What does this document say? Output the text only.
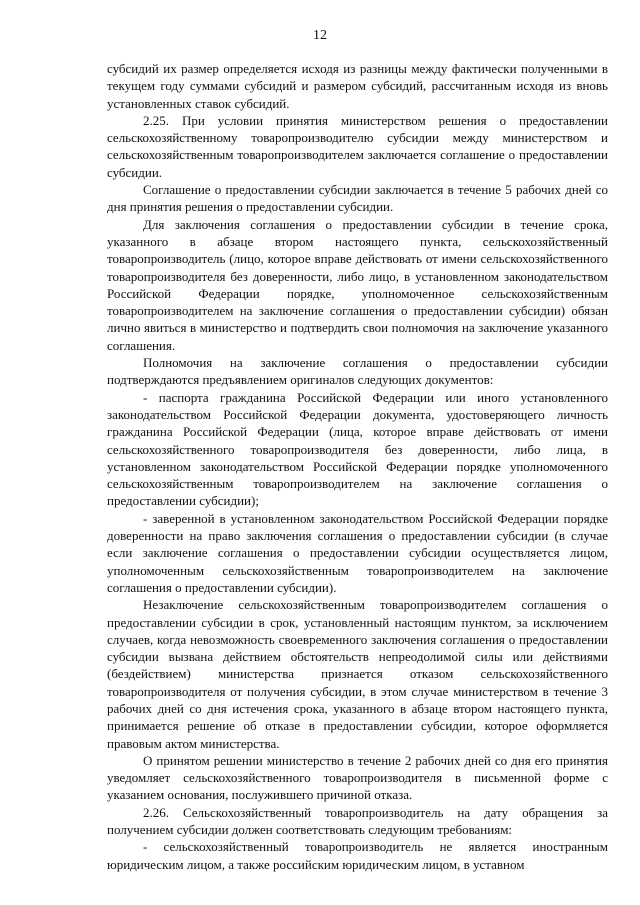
12

субсидий их размер определяется исходя из разницы между фактически полученными в текущем году суммами субсидий и размером субсидий, рассчитанным исходя из вновь установленных ставок субсидий.

2.25. При условии принятия министерством решения о предоставлении сельскохозяйственному товаропроизводителю субсидии между министерством и сельскохозяйственным товаропроизводителем заключается соглашение о предоставлении субсидии.

Соглашение о предоставлении субсидии заключается в течение 5 рабочих дней со дня принятия решения о предоставлении субсидии.

Для заключения соглашения о предоставлении субсидии в течение срока, указанного в абзаце втором настоящего пункта, сельскохозяйственный товаропроизводитель (лицо, которое вправе действовать от имени сельскохозяйственного товаропроизводителя без доверенности, либо лицо, в установленном законодательством Российской Федерации порядке, уполномоченное сельскохозяйственным товаропроизводителем на заключение соглашения о предоставлении субсидии) обязан лично явиться в министерство и подтвердить свои полномочия на заключение указанного соглашения.

Полномочия на заключение соглашения о предоставлении субсидии подтверждаются предъявлением оригиналов следующих документов:

- паспорта гражданина Российской Федерации или иного установленного законодательством Российской Федерации документа, удостоверяющего личность гражданина Российской Федерации (лица, которое вправе действовать от имени сельскохозяйственного товаропроизводителя без доверенности, либо лица, в установленном законодательством Российской Федерации порядке уполномоченного сельскохозяйственным товаропроизводителем на заключение соглашения о предоставлении субсидии);

- заверенной в установленном законодательством Российской Федерации порядке доверенности на право заключения соглашения о предоставлении субсидии (в случае если заключение соглашения о предоставлении субсидии осуществляется лицом, уполномоченным сельскохозяйственным товаропроизводителем на заключение соглашения о предоставлении субсидии).

Незаключение сельскохозяйственным товаропроизводителем соглашения о предоставлении субсидии в срок, установленный настоящим пунктом, за исключением случаев, когда невозможность своевременного заключения соглашения о предоставлении субсидии вызвана действием обстоятельств непреодолимой силы или действиями (бездействием) министерства признается отказом сельскохозяйственного товаропроизводителя от получения субсидии, в этом случае министерством в течение 3 рабочих дней со дня истечения срока, указанного в абзаце втором настоящего пункта, принимается решение об отказе в предоставлении субсидии, которое оформляется правовым актом министерства.

О принятом решении министерство в течение 2 рабочих дней со дня его принятия уведомляет сельскохозяйственного товаропроизводителя в письменной форме с указанием основания, послужившего причиной отказа.

2.26. Сельскохозяйственный товаропроизводитель на дату обращения за получением субсидии должен соответствовать следующим требованиям:

- сельскохозяйственный товаропроизводитель не является иностранным юридическим лицом, а также российским юридическим лицом, в уставном
